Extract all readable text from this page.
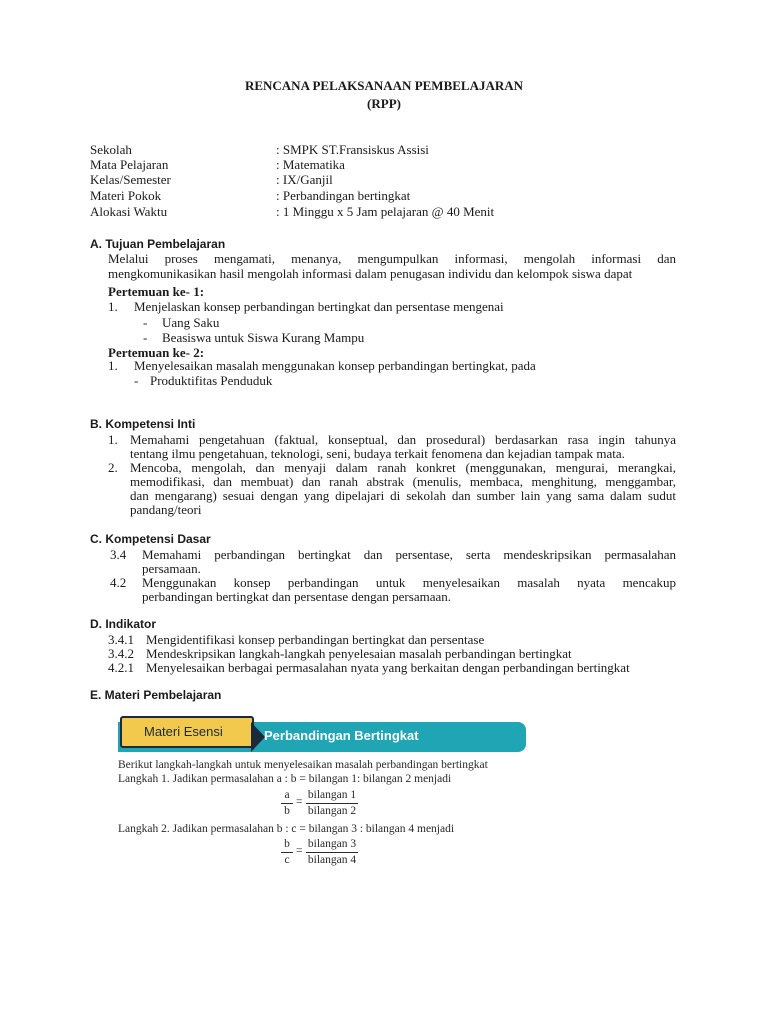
RENCANA PELAKSANAAN PEMBELAJARAN
(RPP)
Sekolah	: SMPK ST.Fransiskus Assisi
Mata Pelajaran	: Matematika
Kelas/Semester	: IX/Ganjil
Materi Pokok	: Perbandingan bertingkat
Alokasi Waktu	: 1 Minggu x 5 Jam pelajaran @ 40 Menit
A. Tujuan Pembelajaran
Melalui proses mengamati, menanya, mengumpulkan informasi, mengolah informasi dan
mengkomunikasikan hasil mengolah informasi dalam penugasan individu dan kelompok siswa dapat
Pertemuan ke- 1:
1. Menjelaskan konsep perbandingan bertingkat dan persentase mengenai
- Uang Saku
- Beasiswa untuk Siswa Kurang Mampu
Pertemuan ke- 2:
1. Menyelesaikan masalah menggunakan konsep perbandingan bertingkat, pada
- Produktifitas Penduduk
B. Kompetensi Inti
1. Memahami pengetahuan (faktual, konseptual, dan prosedural) berdasarkan rasa ingin tahunya
tentang ilmu pengetahuan, teknologi, seni, budaya terkait fenomena dan kejadian tampak mata.
2. Mencoba, mengolah, dan menyaji dalam ranah konkret (menggunakan, mengurai, merangkai,
memodifikasi, dan membuat) dan ranah abstrak (menulis, membaca, menghitung, menggambar,
dan mengarang) sesuai dengan yang dipelajari di sekolah dan sumber lain yang sama dalam sudut
pandang/teori
C. Kompetensi Dasar
3.4 Memahami perbandingan bertingkat dan persentase, serta mendeskripsikan permasalahan
persamaan.
4.2 Menggunakan konsep perbandingan untuk menyelesaikan masalah nyata mencakup
perbandingan bertingkat dan persentase dengan persamaan.
D. Indikator
3.4.1 Mengidentifikasi konsep perbandingan bertingkat dan persentase
3.4.2 Mendeskripsikan langkah-langkah penyelesaian masalah perbandingan bertingkat
4.2.1 Menyelesaikan berbagai permasalahan nyata yang berkaitan dengan perbandingan bertingkat
E. Materi Pembelajaran
Materi Esensi	Perbandingan Bertingkat
Berikut langkah-langkah untuk menyelesaikan masalah perbandingan bertingkat
Langkah 1. Jadikan permasalahan a : b = bilangan 1: bilangan 2 menjadi
$\frac{a}{b}$ =
bilangan 1
bilangan 2
Langkah 2. Jadikan permasalahan b : c = bilangan 3 : bilangan 4 menjadi
$\frac{b}{c}$ =
bilangan 3
bilangan 4
